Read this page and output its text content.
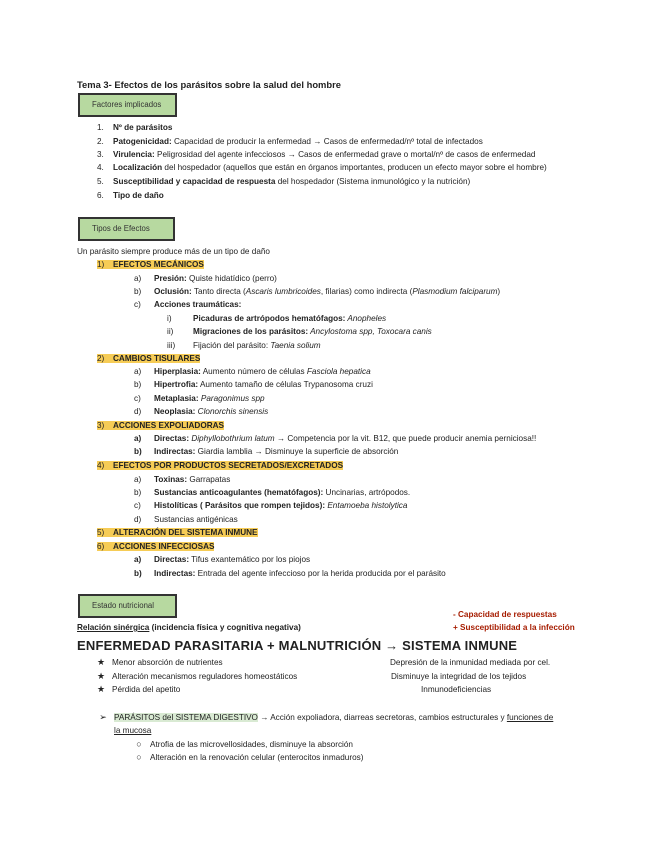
Tema 3- Efectos de los parásitos sobre la salud del hombre
Factores implicados
1. Nº de parásitos
2. Patogenicidad: Capacidad de producir la enfermedad → Casos de enfermedad/nº total de infectados
3. Virulencia: Peligrosidad del agente infecciosos → Casos de enfermedad grave o mortal/nº de casos de enfermedad
4. Localización del hospedador (aquellos que están en órganos importantes, producen un efecto mayor sobre el hombre)
5. Susceptibilidad y capacidad de respuesta del hospedador (Sistema inmunológico y la nutrición)
6. Tipo de daño
Tipos de Efectos
Un parásito siempre produce más de un tipo de daño
1) EFECTOS MECÁNICOS
a) Presión: Quiste hidatídico (perro)
b) Oclusión: Tanto directa (Ascaris lumbricoides, filarias) como indirecta (Plasmodium falciparum)
c) Acciones traumáticas:
i)	Picaduras de artrópodos hematófagos: Anopheles
ii) Migraciones de los parásitos: Ancylostoma spp, Toxocara canis
iii) Fijación del parásito: Taenia solium
2) CAMBIOS TISULARES
a) Hiperplasia: Aumento número de células Fasciola hepatica
b) Hipertrofia: Aumento tamaño de células Trypanosoma cruzi
c) Metaplasia: Paragonimus spp
d) Neoplasia: Clonorchis sinensis
3) ACCIONES EXPOLIADORAS
a) Directas: Diphyllobothrium latum → Competencia por la vit. B12, que puede producir anemia perniciosa!!
b) Indirectas: Giardia lamblia → Disminuye la superficie de absorción
4) EFECTOS POR PRODUCTOS SECRETADOS/EXCRETADOS
a) Toxinas: Garrapatas
b) Sustancias anticoagulantes (hematófagos): Uncinarias, artrópodos.
c) Histolíticas ( Parásitos que rompen tejidos): Entamoeba histolytica
d) Sustancias antigénicas
5) ALTERACIÓN DEL SISTEMA INMUNE
6) ACCIONES INFECCIOSAS
a) Directas: Tifus exantemático por los piojos
b) Indirectas: Entrada del agente infeccioso por la herida producida por el parásito
Estado nutricional
- Capacidad de respuestas
Relación sinérgica (incidencia física y cognitiva negativa)	+ Susceptibilidad a la infección
ENFERMEDAD PARASITARIA + MALNUTRICIÓN → SISTEMA INMUNE
★ Menor absorción de nutrientes
★ Alteración mecanismos reguladores homeostáticos
★ Pérdida del apetito
Depresión de la inmunidad mediada por cel.
Disminuye la integridad de los tejidos
Inmunodeficiencias
➢ PARÁSITOS del SISTEMA DIGESTIVO → Acción expoliadora, diarreas secretoras, cambios estructurales y funciones de
la mucosa
○ Atrofia de las microvellosidades, disminuye la absorción
○ Alteración en la renovación celular (enterocitos inmaduros)
